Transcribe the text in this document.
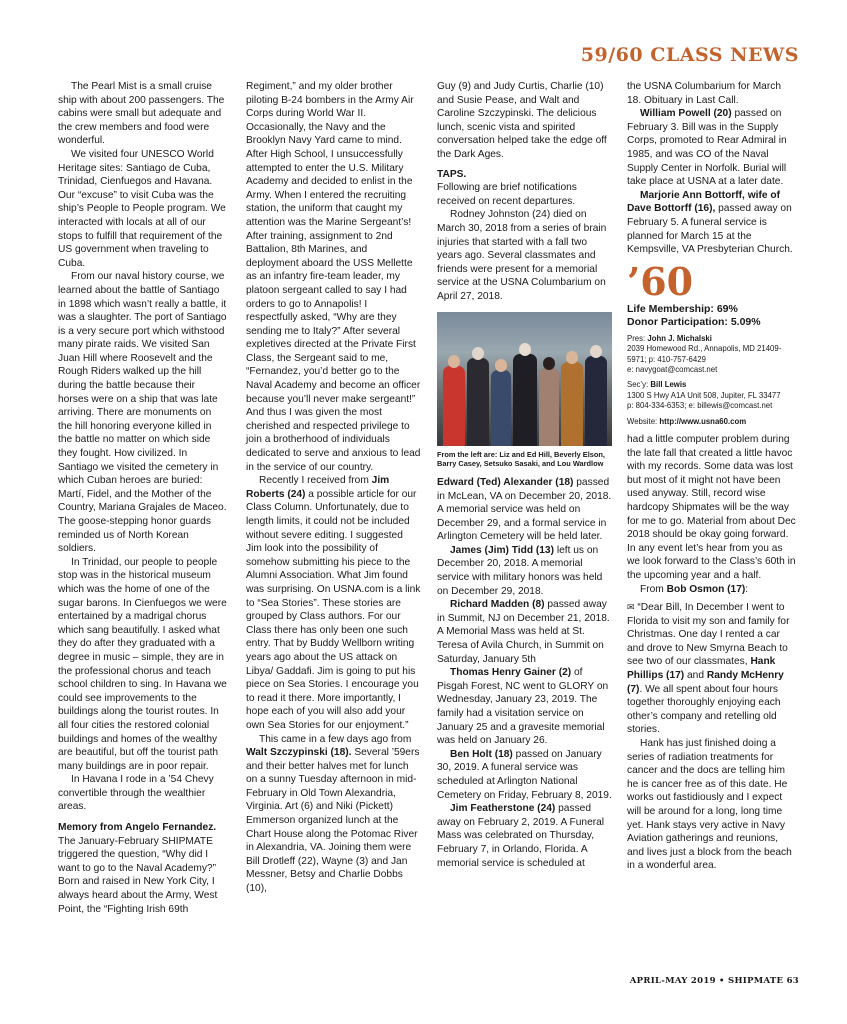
59/60 CLASS NEWS

The Pearl Mist is a small cruise ship with about 200 passengers. The cabins were small but adequate and the crew members and food were wonderful.

We visited four UNESCO World Heritage sites: Santiago de Cuba, Trinidad, Cienfuegos and Havana. Our “excuse” to visit Cuba was the ship’s People to People program. We interacted with locals at all of our stops to fulfill that requirement of the US government when traveling to Cuba.

From our naval history course, we learned about the battle of Santiago in 1898 which wasn’t really a battle, it was a slaughter. The port of Santiago is a very secure port which withstood many pirate raids. We visited San Juan Hill where Roosevelt and the Rough Riders walked up the hill during the battle because their horses were on a ship that was late arriving. There are monuments on the hill honoring everyone killed in the battle no matter on which side they fought. How civilized. In Santiago we visited the cemetery in which Cuban heroes are buried: Martí, Fidel, and the Mother of the Country, Mariana Grajales de Maceo. The goose-stepping honor guards reminded us of North Korean soldiers.

In Trinidad, our people to people stop was in the historical museum which was the home of one of the sugar barons. In Cienfuegos we were entertained by a madrigal chorus which sang beautifully. I asked what they do after they graduated with a degree in music – simple, they are in the professional chorus and teach school children to sing. In Havana we could see improvements to the buildings along the tourist routes. In all four cities the restored colonial buildings and homes of the wealthy are beautiful, but off the tourist path many buildings are in poor repair.

In Havana I rode in a ’54 Chevy convertible through the wealthier areas.

Memory from Angelo Fernandez.

The January-February SHIPMATE triggered the question, “Why did I want to go to the Naval Academy?” Born and raised in New York City, I always heard about the Army, West Point, the “Fighting Irish 69th

Regiment,” and my older brother piloting B-24 bombers in the Army Air Corps during World War II. Occasionally, the Navy and the Brooklyn Navy Yard came to mind. After High School, I unsuccessfully attempted to enter the U.S. Military Academy and decided to enlist in the Army. When I entered the recruiting station, the uniform that caught my attention was the Marine Sergeant’s! After training, assignment to 2nd Battalion, 8th Marines, and deployment aboard the USS Mellette as an infantry fire-team leader, my platoon sergeant called to say I had orders to go to Annapolis! I respectfully asked, “Why are they sending me to Italy?” After several expletives directed at the Private First Class, the Sergeant said to me, “Fernandez, you’d better go to the Naval Academy and become an officer because you’ll never make sergeant!” And thus I was given the most cherished and respected privilege to join a brotherhood of individuals dedicated to serve and anxious to lead in the service of our country.

Recently I received from Jim Roberts (24) a possible article for our Class Column. Unfortunately, due to length limits, it could not be included without severe editing. I suggested Jim look into the possibility of somehow submitting his piece to the Alumni Association. What Jim found was surprising. On USNA.com is a link to “Sea Stories”. These stories are grouped by Class authors. For our Class there has only been one such entry. That by Buddy Wellborn writing years ago about the US attack on Libya/ Gaddafi. Jim is going to put his piece on Sea Stories. I encourage you to read it there. More importantly, I hope each of you will also add your own Sea Stories for our enjoyment.”

This came in a few days ago from Walt Szczypinski (18). Several ’59ers and their better halves met for lunch on a sunny Tuesday afternoon in mid-February in Old Town Alexandria, Virginia. Art (6) and Niki (Pickett) Emmerson organized lunch at the Chart House along the Potomac River in Alexandria, VA. Joining them were Bill Drotleff (22), Wayne (3) and Jan Messner, Betsy and Charlie Dobbs (10),

Guy (9) and Judy Curtis, Charlie (10) and Susie Pease, and Walt and Caroline Szczypinski. The delicious lunch, scenic vista and spirited conversation helped take the edge off the Dark Ages.

TAPS.

Following are brief notifications received on recent departures.

Rodney Johnston (24) died on March 30, 2018 from a series of brain injuries that started with a fall two years ago. Several classmates and friends were present for a memorial service at the USNA Columbarium on April 27, 2018.

From the left are: Liz and Ed Hill, Beverly Elson, Barry Casey, Setsuko Sasaki, and Lou Wardlow

Edward (Ted) Alexander (18) passed in McLean, VA on December 20, 2018. A memorial service was held on December 29, and a formal service in Arlington Cemetery will be held later.

James (Jim) Tidd (13) left us on December 20, 2018. A memorial service with military honors was held on December 29, 2018.

Richard Madden (8) passed away in Summit, NJ on December 21, 2018. A Memorial Mass was held at St. Teresa of Avila Church, in Summit on Saturday, January 5th

Thomas Henry Gainer (2) of Pisgah Forest, NC went to GLORY on Wednesday, January 23, 2019. The family had a visitation service on January 25 and a gravesite memorial was held on January 26.

Ben Holt (18) passed on January 30, 2019. A funeral service was scheduled at Arlington National Cemetery on Friday, February 8, 2019.

Jim Featherstone (24) passed away on February 2, 2019. A Funeral Mass was celebrated on Thursday, February 7, in Orlando, Florida. A memorial service is scheduled at

the USNA Columbarium for March 18. Obituary in Last Call.

William Powell (20) passed on February 3. Bill was in the Supply Corps, promoted to Rear Admiral in 1985, and was CO of the Naval Supply Center in Norfolk. Burial will take place at USNA at a later date.

Marjorie Ann Bottorff, wife of Dave Bottorff (16), passed away on February 5. A funeral service is planned for March 15 at the Kempsville, VA Presbyterian Church.

’60
Life Membership: 69%
Donor Participation: 5.09%
Pres: John J. Michalski
2039 Homewood Rd., Annapolis, MD 21409-5971; p: 410-757-6429
e: navygoat@comcast.net
Sec’y: Bill Lewis
1300 S Hwy A1A Unit 508, Jupiter, FL 33477
p: 804-334-6353; e: billewis@comcast.net
Website: http://www.usna60.com

had a little computer problem during the late fall that created a little havoc with my records. Some data was lost but most of it might not have been used anyway. Still, record wise hardcopy Shipmates will be the way for me to go. Material from about Dec 2018 should be okay going forward. In any event let’s hear from you as we look forward to the Class’s 60th in the upcoming year and a half.

From Bob Osmon (17):

✉ “Dear Bill, In December I went to Florida to visit my son and family for Christmas. One day I rented a car and drove to New Smyrna Beach to see two of our classmates, Hank Phillips (17) and Randy McHenry (7). We all spent about four hours together thoroughly enjoying each other’s company and retelling old stories.

Hank has just finished doing a series of radiation treatments for cancer and the docs are telling him he is cancer free as of this date. He works out fastidiously and I expect will be around for a long, long time yet. Hank stays very active in Navy Aviation gatherings and reunions, and lives just a block from the beach in a wonderful area.

APRIL-MAY 2019 • SHIPMATE 63
